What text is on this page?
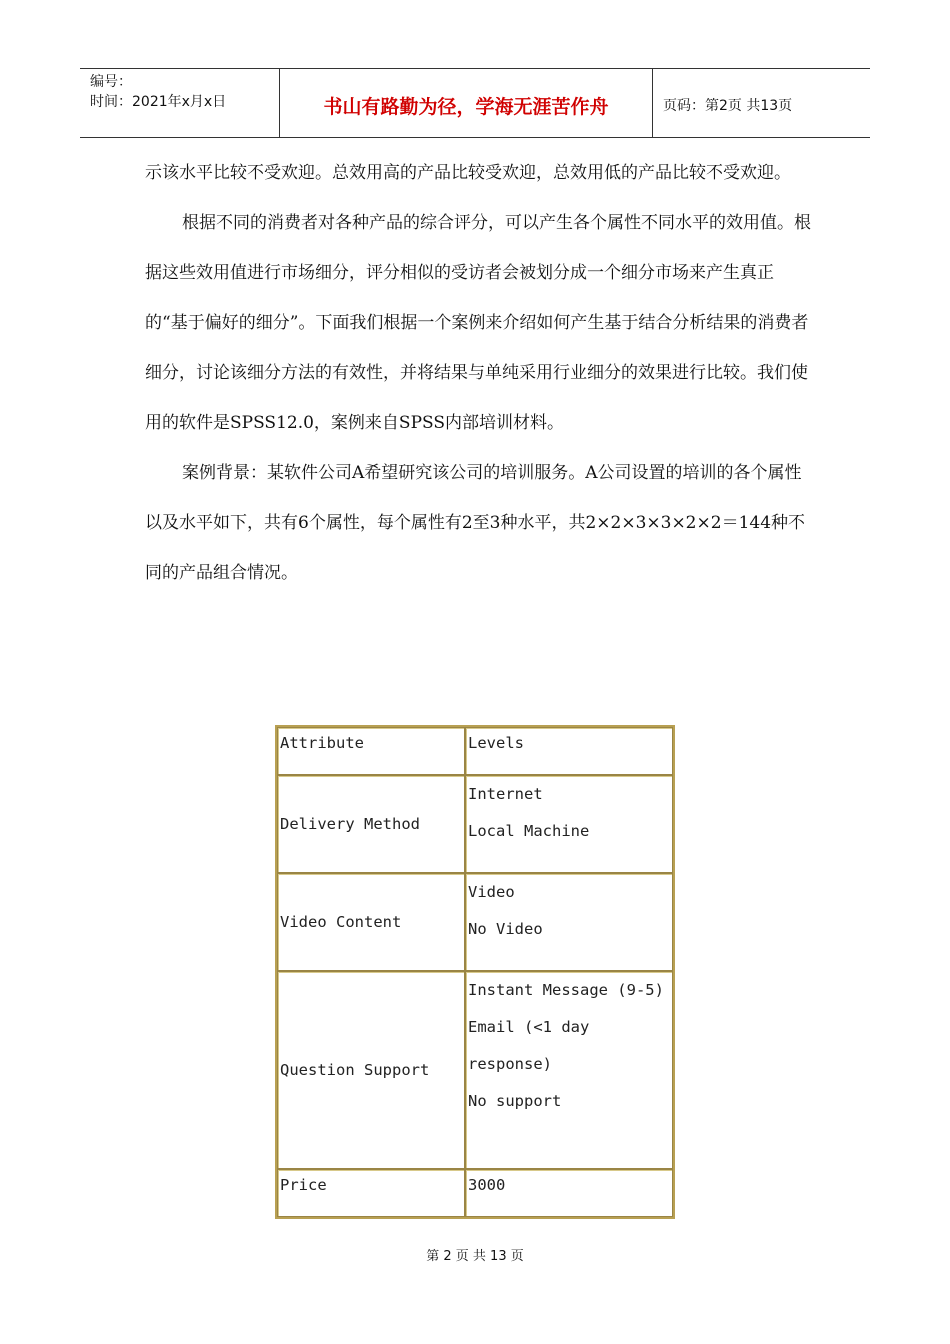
编号：
时间：2021年x月x日	书山有路勤为径，学海无涯苦作舟	页码：第2页 共13页

示该水平比较不受欢迎。总效用高的产品比较受欢迎，总效用低的产品比较不受欢迎。

根据不同的消费者对各种产品的综合评分，可以产生各个属性不同水平的效用值。根据这些效用值进行市场细分，评分相似的受访者会被划分成一个细分市场来产生真正的“基于偏好的细分”。下面我们根据一个案例来介绍如何产生基于结合分析结果的消费者细分，讨论该细分方法的有效性，并将结果与单纯采用行业细分的效果进行比较。我们使用的软件是SPSS12.0，案例来自SPSS内部培训材料。

案例背景：某软件公司A希望研究该公司的培训服务。A公司设置的培训的各个属性以及水平如下，共有6个属性，每个属性有2至3种水平，共2×2×3×3×2×2＝144种不同的产品组合情况。

Attribute	Levels
Delivery Method	Internet
Local Machine

Video Content	Video
No Video

Question Support	Instant Message (9-5)
Email (<1 day
response)
No support

Price	3000
第 2 页 共 13 页
